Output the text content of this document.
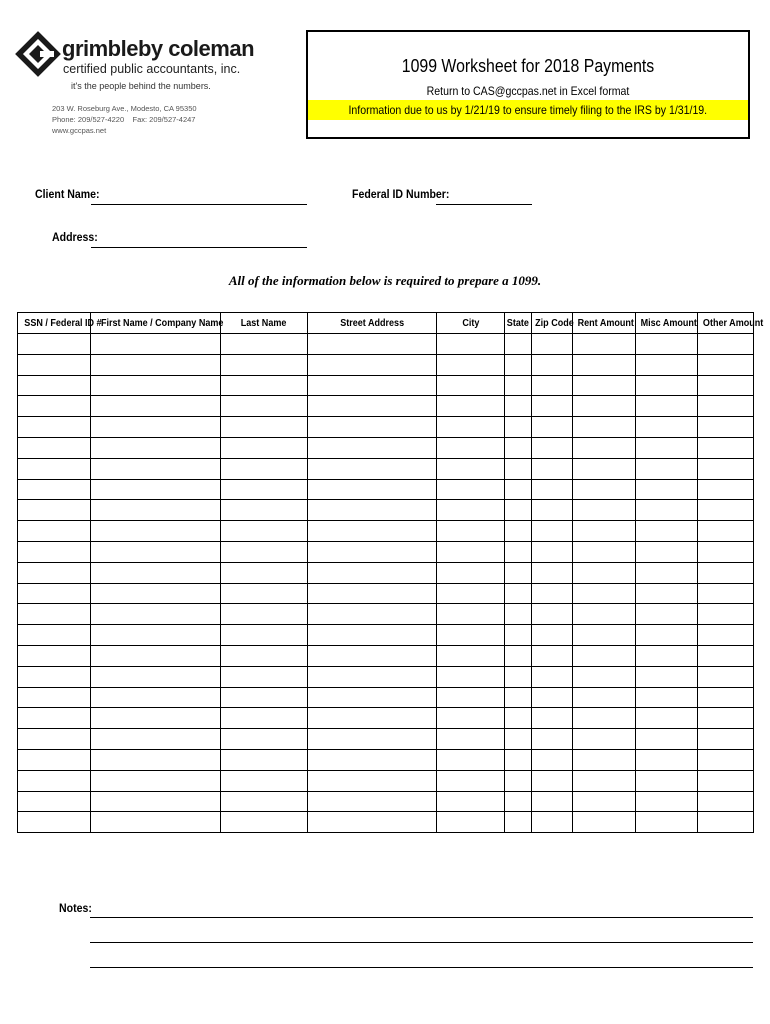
grimbleby coleman
certified public accountants, inc.
it's the people behind the numbers.
203 W. Roseburg Ave., Modesto, CA 95350
Phone: 209/527-4220 Fax: 209/527-4247
www.gccpas.net
1099 Worksheet for 2018 Payments
Return to CAS@gccpas.net in Excel format
Information due to us by 1/21/19 to ensure timely filing to the IRS by 1/31/19.
Client Name:	Federal ID Number:
Address:
All of the information below is required to prepare a 1099.
SSN / Federal ID #	First Name / Company Name	Last Name	Street Address	City	State	Zip Code	Rent Amount	Misc Amount	Other Amount

Notes:
